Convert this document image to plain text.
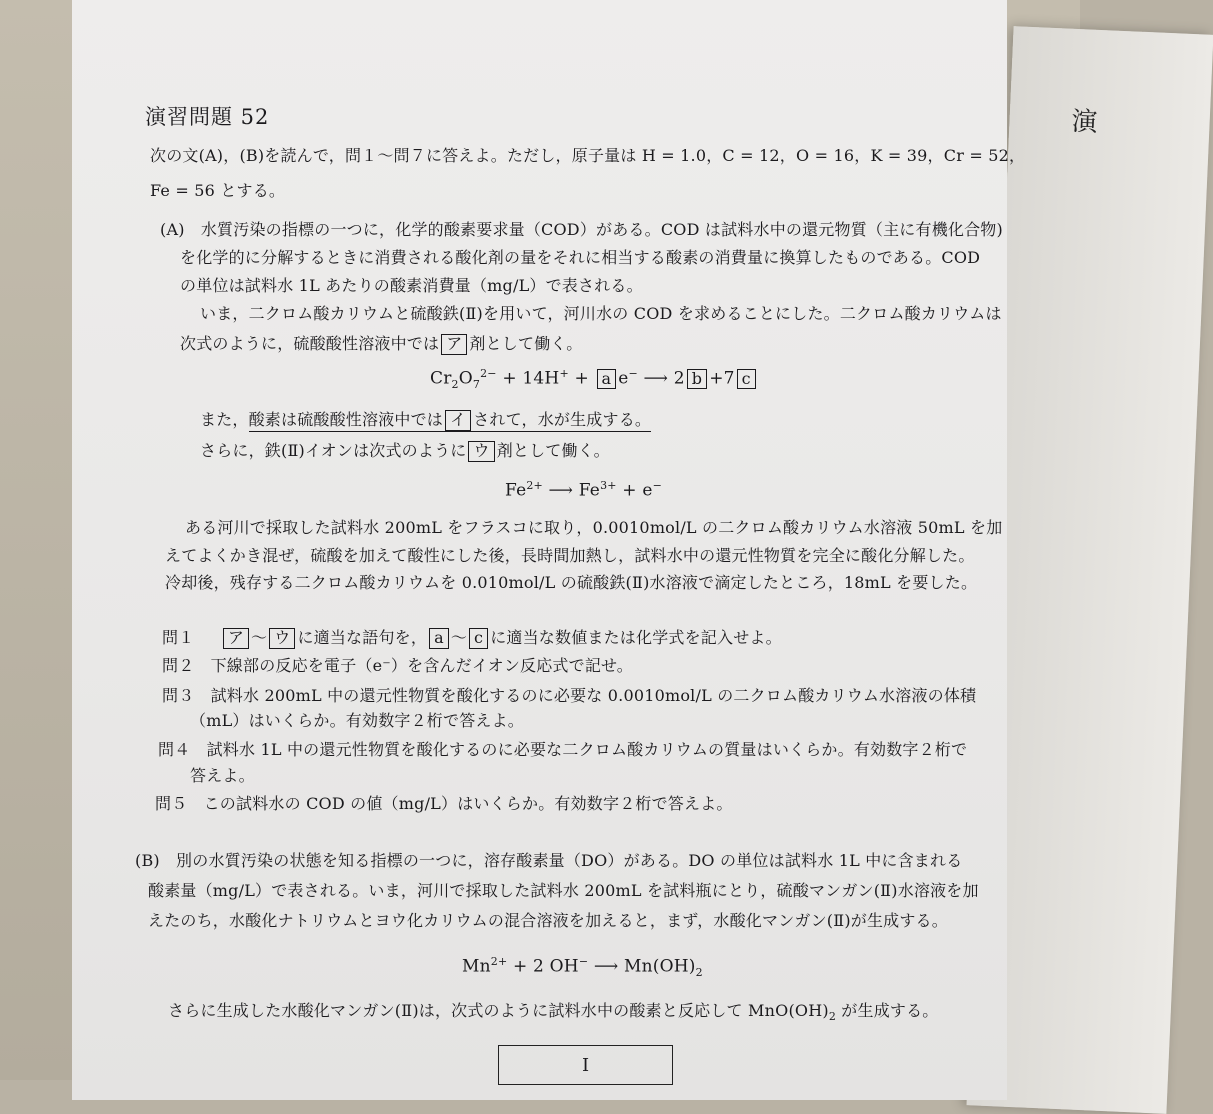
演
演習問題 52
次の文(A)，(B)を読んで，問１～問７に答えよ。ただし，原子量は H = 1.0，C = 12，O = 16，K = 39，Cr = 52，
Fe = 56 とする。
(A)　水質汚染の指標の一つに，化学的酸素要求量（COD）がある。COD は試料水中の還元物質（主に有機化合物)
を化学的に分解するときに消費される酸化剤の量をそれに相当する酸素の消費量に換算したものである。COD
の単位は試料水 1L あたりの酸素消費量（mg/L）で表される。
いま，二クロム酸カリウムと硫酸鉄(Ⅱ)を用いて，河川水の COD を求めることにした。二クロム酸カリウムは
次式のように，硫酸酸性溶液中では ア 剤として働く。
$Cr_2O_7^{2-} + 14H^+ + a$ e− ⟶ 2 b +7 c
また，酸素は硫酸酸性溶液中では イ されて，水が生成する。
さらに，鉄(Ⅱ)イオンは次式のように ウ 剤として働く。
$Fe^{2+}$ ⟶ $Fe^{3+} + e^-$
ある河川で採取した試料水 200mL をフラスコに取り，0.0010mol/L の二クロム酸カリウム水溶液 50mL を加
えてよくかき混ぜ，硫酸を加えて酸性にした後，長時間加熱し，試料水中の還元性物質を完全に酸化分解した。
冷却後，残存する二クロム酸カリウムを 0.010mol/L の硫酸鉄(Ⅱ)水溶液で滴定したところ，18mL を要した。
問１ ア ～ ウ に適当な語句を， a ～ c に適当な数値または化学式を記入せよ。
問２　下線部の反応を電子（e⁻）を含んだイオン反応式で記せ。
問３　試料水 200mL 中の還元性物質を酸化するのに必要な 0.0010mol/L の二クロム酸カリウム水溶液の体積
（mL）はいくらか。有効数字２桁で答えよ。
問４　試料水 1L 中の還元性物質を酸化するのに必要な二クロム酸カリウムの質量はいくらか。有効数字２桁で
答えよ。
問５　この試料水の COD の値（mg/L）はいくらか。有効数字２桁で答えよ。
(B)　別の水質汚染の状態を知る指標の一つに，溶存酸素量（DO）がある。DO の単位は試料水 1L 中に含まれる
酸素量（mg/L）で表される。いま，河川で採取した試料水 200mL を試料瓶にとり，硫酸マンガン(Ⅱ)水溶液を加
えたのち，水酸化ナトリウムとヨウ化カリウムの混合溶液を加えると，まず，水酸化マンガン(Ⅱ)が生成する。
$Mn^{2+} + 2$ OH− ⟶ $Mn(OH)_2$
さらに生成した水酸化マンガン(Ⅱ)は，次式のように試料水中の酸素と反応して $MnO(OH)_2$ が生成する。
Ⅰ
